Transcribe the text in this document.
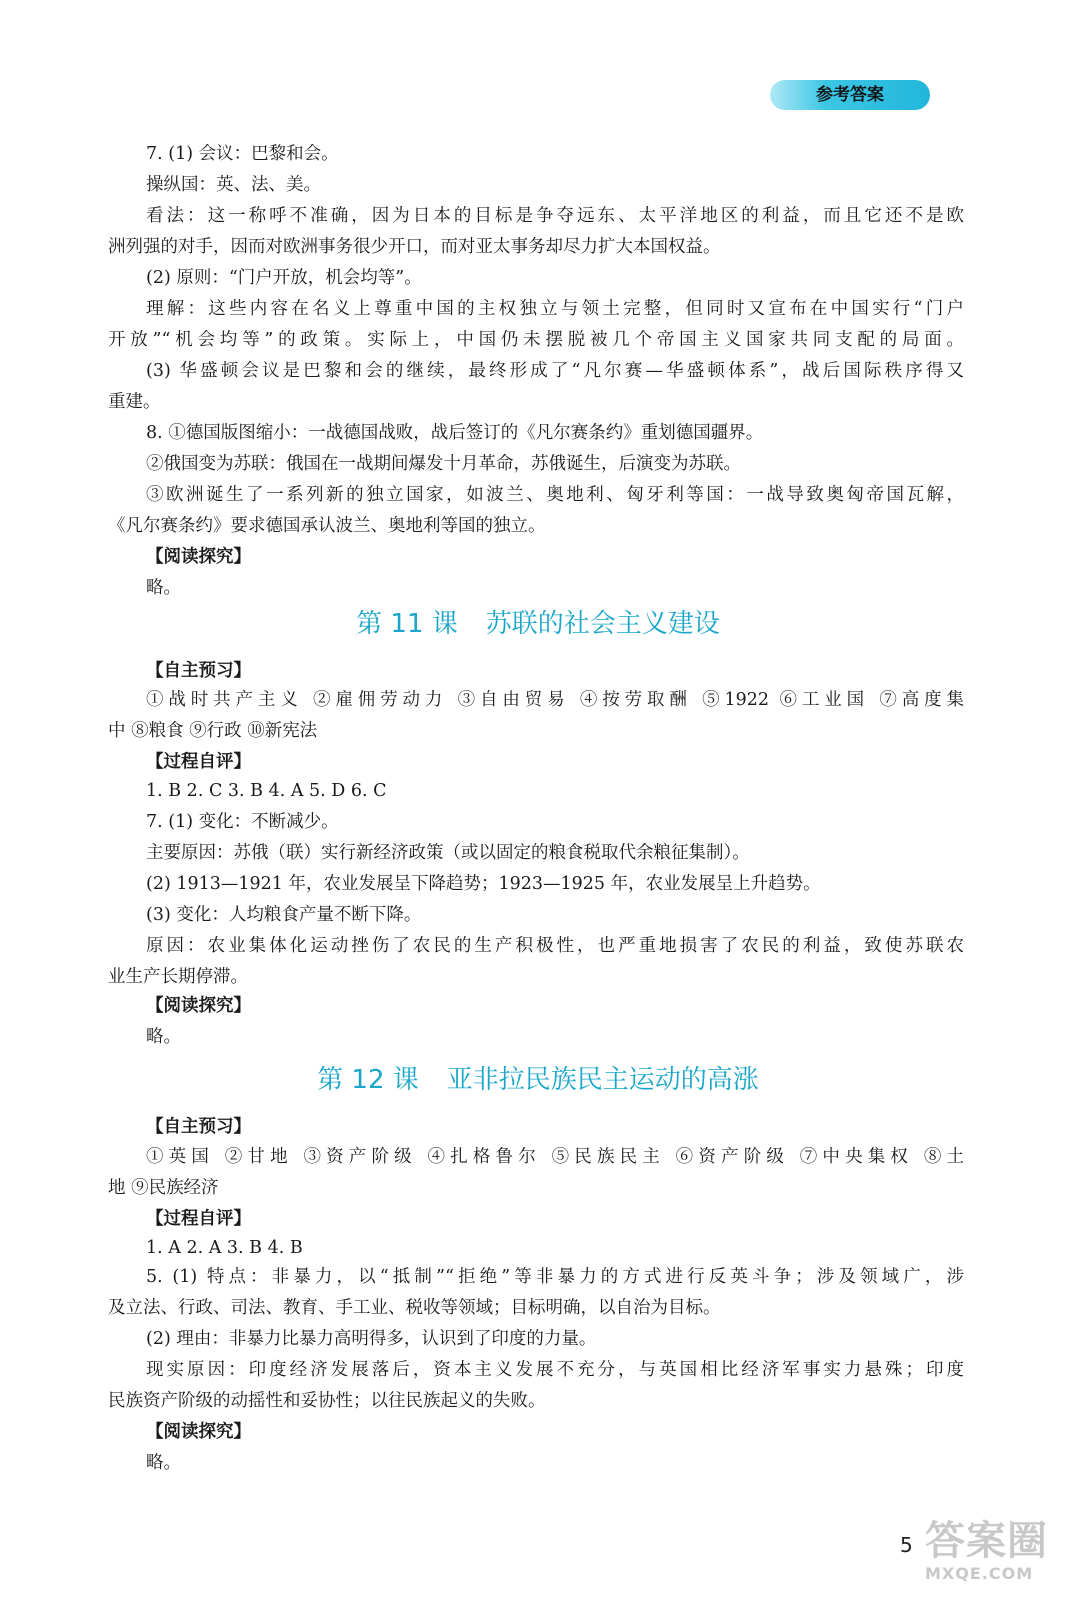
参考答案
7. (1) 会议：巴黎和会。
操纵国：英、法、美。
看法：这一称呼不准确，因为日本的目标是争夺远东、太平洋地区的利益，而且它还不是欧
洲列强的对手，因而对欧洲事务很少开口，而对亚太事务却尽力扩大本国权益。
(2) 原则：“门户开放，机会均等”。
理解：这些内容在名义上尊重中国的主权独立与领土完整，但同时又宣布在中国实行“门户
开放”“机会均等”的政策。实际上，中国仍未摆脱被几个帝国主义国家共同支配的局面。
(3) 华盛顿会议是巴黎和会的继续，最终形成了“凡尔赛—华盛顿体系”，战后国际秩序得又
重建。
8. ①德国版图缩小：一战德国战败，战后签订的《凡尔赛条约》重划德国疆界。
②俄国变为苏联：俄国在一战期间爆发十月革命，苏俄诞生，后演变为苏联。
③欧洲诞生了一系列新的独立国家，如波兰、奥地利、匈牙利等国：一战导致奥匈帝国瓦解，
《凡尔赛条约》要求德国承认波兰、奥地利等国的独立。
【阅读探究】
略。
第 11 课 苏联的社会主义建设
【自主预习】
①战时共产主义 ②雇佣劳动力 ③自由贸易 ④按劳取酬 ⑤1922 ⑥工业国 ⑦高度集
中 ⑧粮食 ⑨行政 ⑩新宪法
【过程自评】
1. B 2. C 3. B 4. A 5. D 6. C
7. (1) 变化：不断减少。
主要原因：苏俄（联）实行新经济政策（或以固定的粮食税取代余粮征集制）。
(2) 1913—1921 年，农业发展呈下降趋势；1923—1925 年，农业发展呈上升趋势。
(3) 变化：人均粮食产量不断下降。
原因：农业集体化运动挫伤了农民的生产积极性，也严重地损害了农民的利益，致使苏联农
业生产长期停滞。
【阅读探究】
略。
第 12 课 亚非拉民族民主运动的高涨
【自主预习】
①英国 ②甘地 ③资产阶级 ④扎格鲁尔 ⑤民族民主 ⑥资产阶级 ⑦中央集权 ⑧土
地 ⑨民族经济
【过程自评】
1. A 2. A 3. B 4. B
5. (1) 特点：非暴力，以“抵制”“拒绝”等非暴力的方式进行反英斗争；涉及领域广，涉
及立法、行政、司法、教育、手工业、税收等领域；目标明确，以自治为目标。
(2) 理由：非暴力比暴力高明得多，认识到了印度的力量。
现实原因：印度经济发展落后，资本主义发展不充分，与英国相比经济军事实力悬殊；印度
民族资产阶级的动摇性和妥协性；以往民族起义的失败。
【阅读探究】
略。
5 答案圈
MXQE.COM
